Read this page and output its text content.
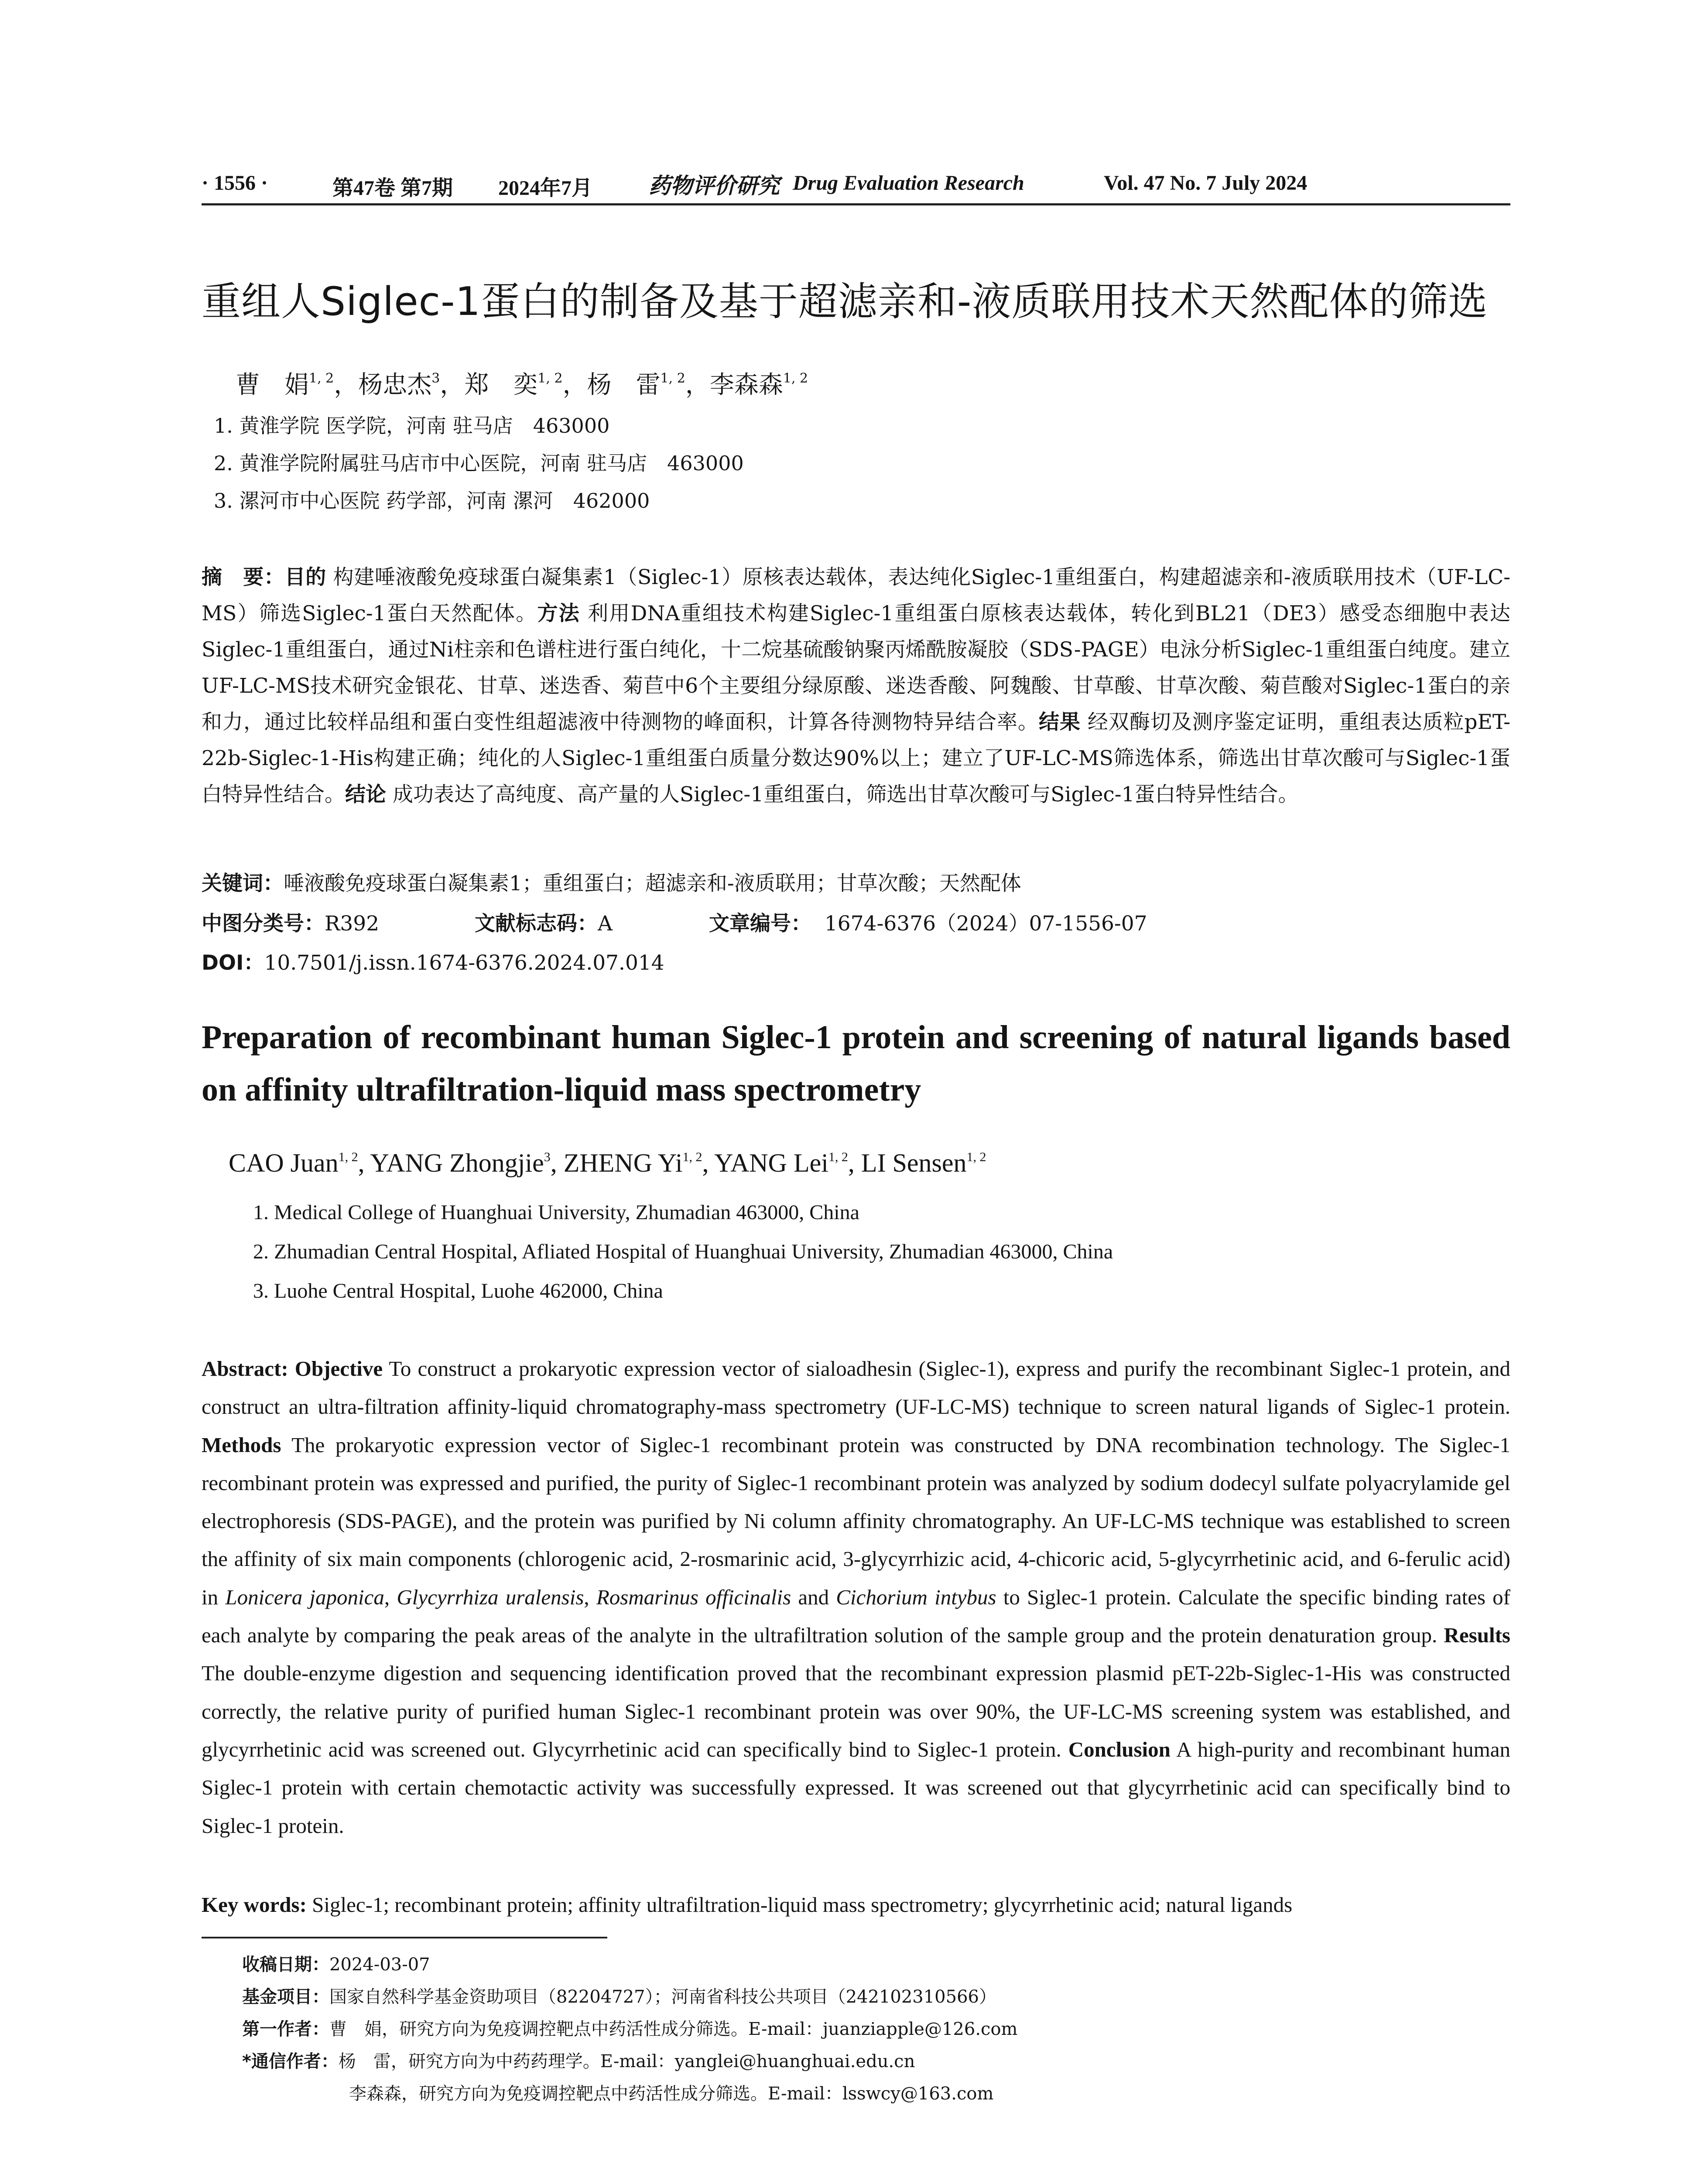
· 1556 ·	第47卷 第7期 2024年7月	药物评价研究 Drug Evaluation Research	Vol. 47 No. 7 July 2024
重组人Siglec-1蛋白的制备及基于超滤亲和-液质联用技术天然配体的筛选
曹　娟$^{1, 2}$，杨忠杰$^3$，郑　奕$^{1, 2}$，杨　雷$^{1, 2}$，李森森$^{1, 2}$
1. 黄淮学院 医学院，河南 驻马店　463000
2. 黄淮学院附属驻马店市中心医院，河南 驻马店　463000
3. 漯河市中心医院 药学部，河南 漯河　462000
摘　要：目的 构建唾液酸免疫球蛋白凝集素1（Siglec-1）原核表达载体，表达纯化Siglec-1重组蛋白，构建超滤亲和-液质联用技术（UF-LC-MS）筛选Siglec-1蛋白天然配体。方法 利用DNA重组技术构建Siglec-1重组蛋白原核表达载体，转化到BL21（DE3）感受态细胞中表达Siglec-1重组蛋白，通过Ni柱亲和色谱柱进行蛋白纯化，十二烷基硫酸钠聚丙烯酰胺凝胶（SDS-PAGE）电泳分析Siglec-1重组蛋白纯度。建立UF-LC-MS技术研究金银花、甘草、迷迭香、菊苣中6个主要组分绿原酸、迷迭香酸、阿魏酸、甘草酸、甘草次酸、菊苣酸对Siglec-1蛋白的亲和力，通过比较样品组和蛋白变性组超滤液中待测物的峰面积，计算各待测物特异结合率。结果 经双酶切及测序鉴定证明，重组表达质粒pET-22b-Siglec-1-His构建正确；纯化的人Siglec-1重组蛋白质量分数达90%以上；建立了UF-LC-MS筛选体系，筛选出甘草次酸可与Siglec-1蛋白特异性结合。结论 成功表达了高纯度、高产量的人Siglec-1重组蛋白，筛选出甘草次酸可与Siglec-1蛋白特异性结合。
关键词：唾液酸免疫球蛋白凝集素1；重组蛋白；超滤亲和-液质联用；甘草次酸；天然配体
中图分类号：R392	文献标志码：A	文章编号： 1674-6376（2024）07-1556-07
DOI：10.7501/j.issn.1674-6376.2024.07.014
Preparation of recombinant human Siglec-1 protein and screening of natural ligands based on affinity ultrafiltration-liquid mass spectrometry
CAO Juan$^{1, 2}$, YANG Zhongjie$^3$, ZHENG Yi$^{1, 2}$, YANG Lei$^{1, 2}$, LI Sensen$^{1, 2}$
1. Medical College of Huanghuai University, Zhumadian 463000, China
2. Zhumadian Central Hospital, Afliated Hospital of Huanghuai University, Zhumadian 463000, China
3. Luohe Central Hospital, Luohe 462000, China
Abstract: Objective To construct a prokaryotic expression vector of sialoadhesin (Siglec-1), express and purify the recombinant Siglec-1 protein, and construct an ultra-filtration affinity-liquid chromatography-mass spectrometry (UF-LC-MS) technique to screen natural ligands of Siglec-1 protein. Methods The prokaryotic expression vector of Siglec-1 recombinant protein was constructed by DNA recombination technology. The Siglec-1 recombinant protein was expressed and purified, the purity of Siglec-1 recombinant protein was analyzed by sodium dodecyl sulfate polyacrylamide gel electrophoresis (SDS-PAGE), and the protein was purified by Ni column affinity chromatography. An UF-LC-MS technique was established to screen the affinity of six main components (chlorogenic acid, 2-rosmarinic acid, 3-glycyrrhizic acid, 4-chicoric acid, 5-glycyrrhetinic acid, and 6-ferulic acid) in Lonicera japonica, Glycyrrhiza uralensis, Rosmarinus officinalis and Cichorium intybus to Siglec-1 protein. Calculate the specific binding rates of each analyte by comparing the peak areas of the analyte in the ultrafiltration solution of the sample group and the protein denaturation group. Results The double-enzyme digestion and sequencing identification proved that the recombinant expression plasmid pET-22b-Siglec-1-His was constructed correctly, the relative purity of purified human Siglec-1 recombinant protein was over 90%, the UF-LC-MS screening system was established, and glycyrrhetinic acid was screened out. Glycyrrhetinic acid can specifically bind to Siglec-1 protein. Conclusion A high-purity and recombinant human Siglec-1 protein with certain chemotactic activity was successfully expressed. It was screened out that glycyrrhetinic acid can specifically bind to Siglec-1 protein.
Key words: Siglec-1; recombinant protein; affinity ultrafiltration-liquid mass spectrometry; glycyrrhetinic acid; natural ligands
收稿日期：2024-03-07
基金项目：国家自然科学基金资助项目（82204727）；河南省科技公共项目（242102310566）
第一作者：曹　娟，研究方向为免疫调控靶点中药活性成分筛选。E-mail：juanziapple@126.com
*通信作者：杨　雷，研究方向为中药药理学。E-mail：yanglei@huanghuai.edu.cn
李森森，研究方向为免疫调控靶点中药活性成分筛选。E-mail：lsswcy@163.com
